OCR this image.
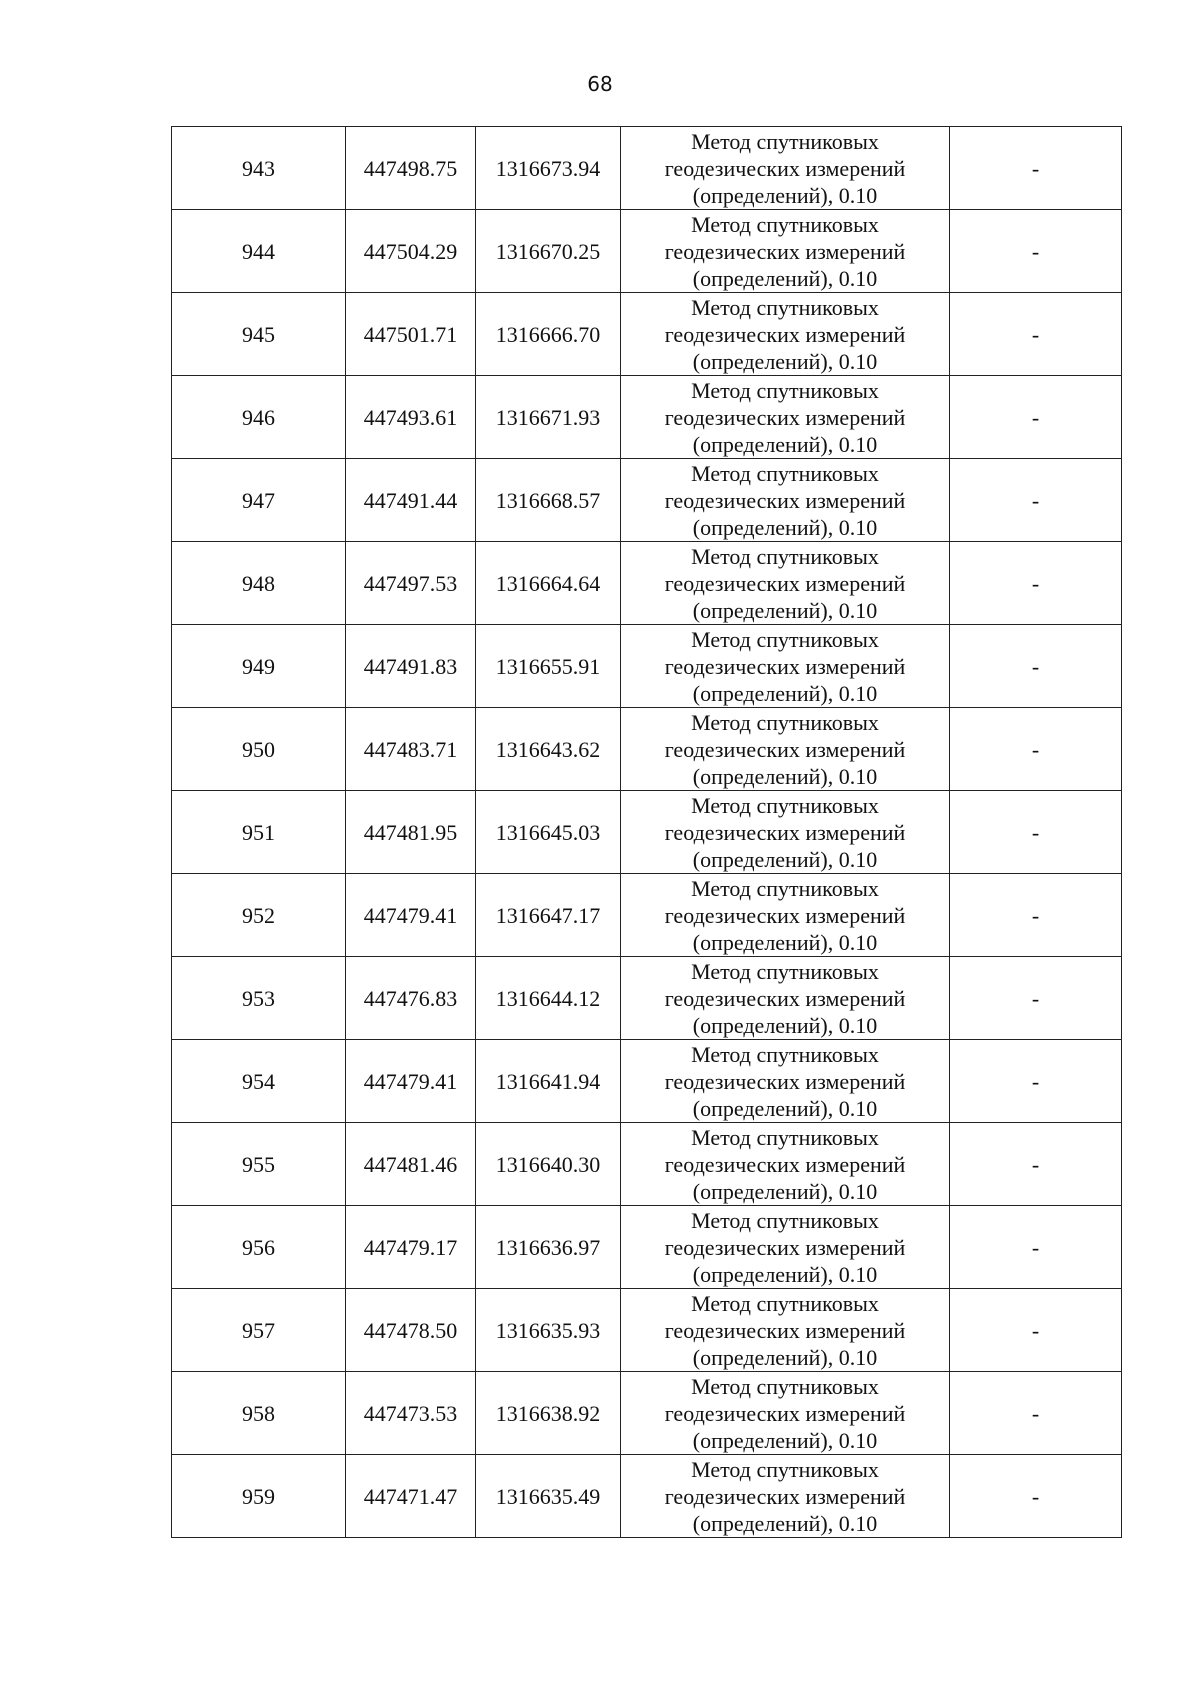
68
943	447498.75	1316673.94	Метод спутниковых
геодезических измерений
(определений), 0.10	-
944	447504.29	1316670.25	Метод спутниковых
геодезических измерений
(определений), 0.10	-
945	447501.71	1316666.70	Метод спутниковых
геодезических измерений
(определений), 0.10	-
946	447493.61	1316671.93	Метод спутниковых
геодезических измерений
(определений), 0.10	-
947	447491.44	1316668.57	Метод спутниковых
геодезических измерений
(определений), 0.10	-
948	447497.53	1316664.64	Метод спутниковых
геодезических измерений
(определений), 0.10	-
949	447491.83	1316655.91	Метод спутниковых
геодезических измерений
(определений), 0.10	-
950	447483.71	1316643.62	Метод спутниковых
геодезических измерений
(определений), 0.10	-
951	447481.95	1316645.03	Метод спутниковых
геодезических измерений
(определений), 0.10	-
952	447479.41	1316647.17	Метод спутниковых
геодезических измерений
(определений), 0.10	-
953	447476.83	1316644.12	Метод спутниковых
геодезических измерений
(определений), 0.10	-
954	447479.41	1316641.94	Метод спутниковых
геодезических измерений
(определений), 0.10	-
955	447481.46	1316640.30	Метод спутниковых
геодезических измерений
(определений), 0.10	-
956	447479.17	1316636.97	Метод спутниковых
геодезических измерений
(определений), 0.10	-
957	447478.50	1316635.93	Метод спутниковых
геодезических измерений
(определений), 0.10	-
958	447473.53	1316638.92	Метод спутниковых
геодезических измерений
(определений), 0.10	-
959	447471.47	1316635.49	Метод спутниковых
геодезических измерений
(определений), 0.10	-
